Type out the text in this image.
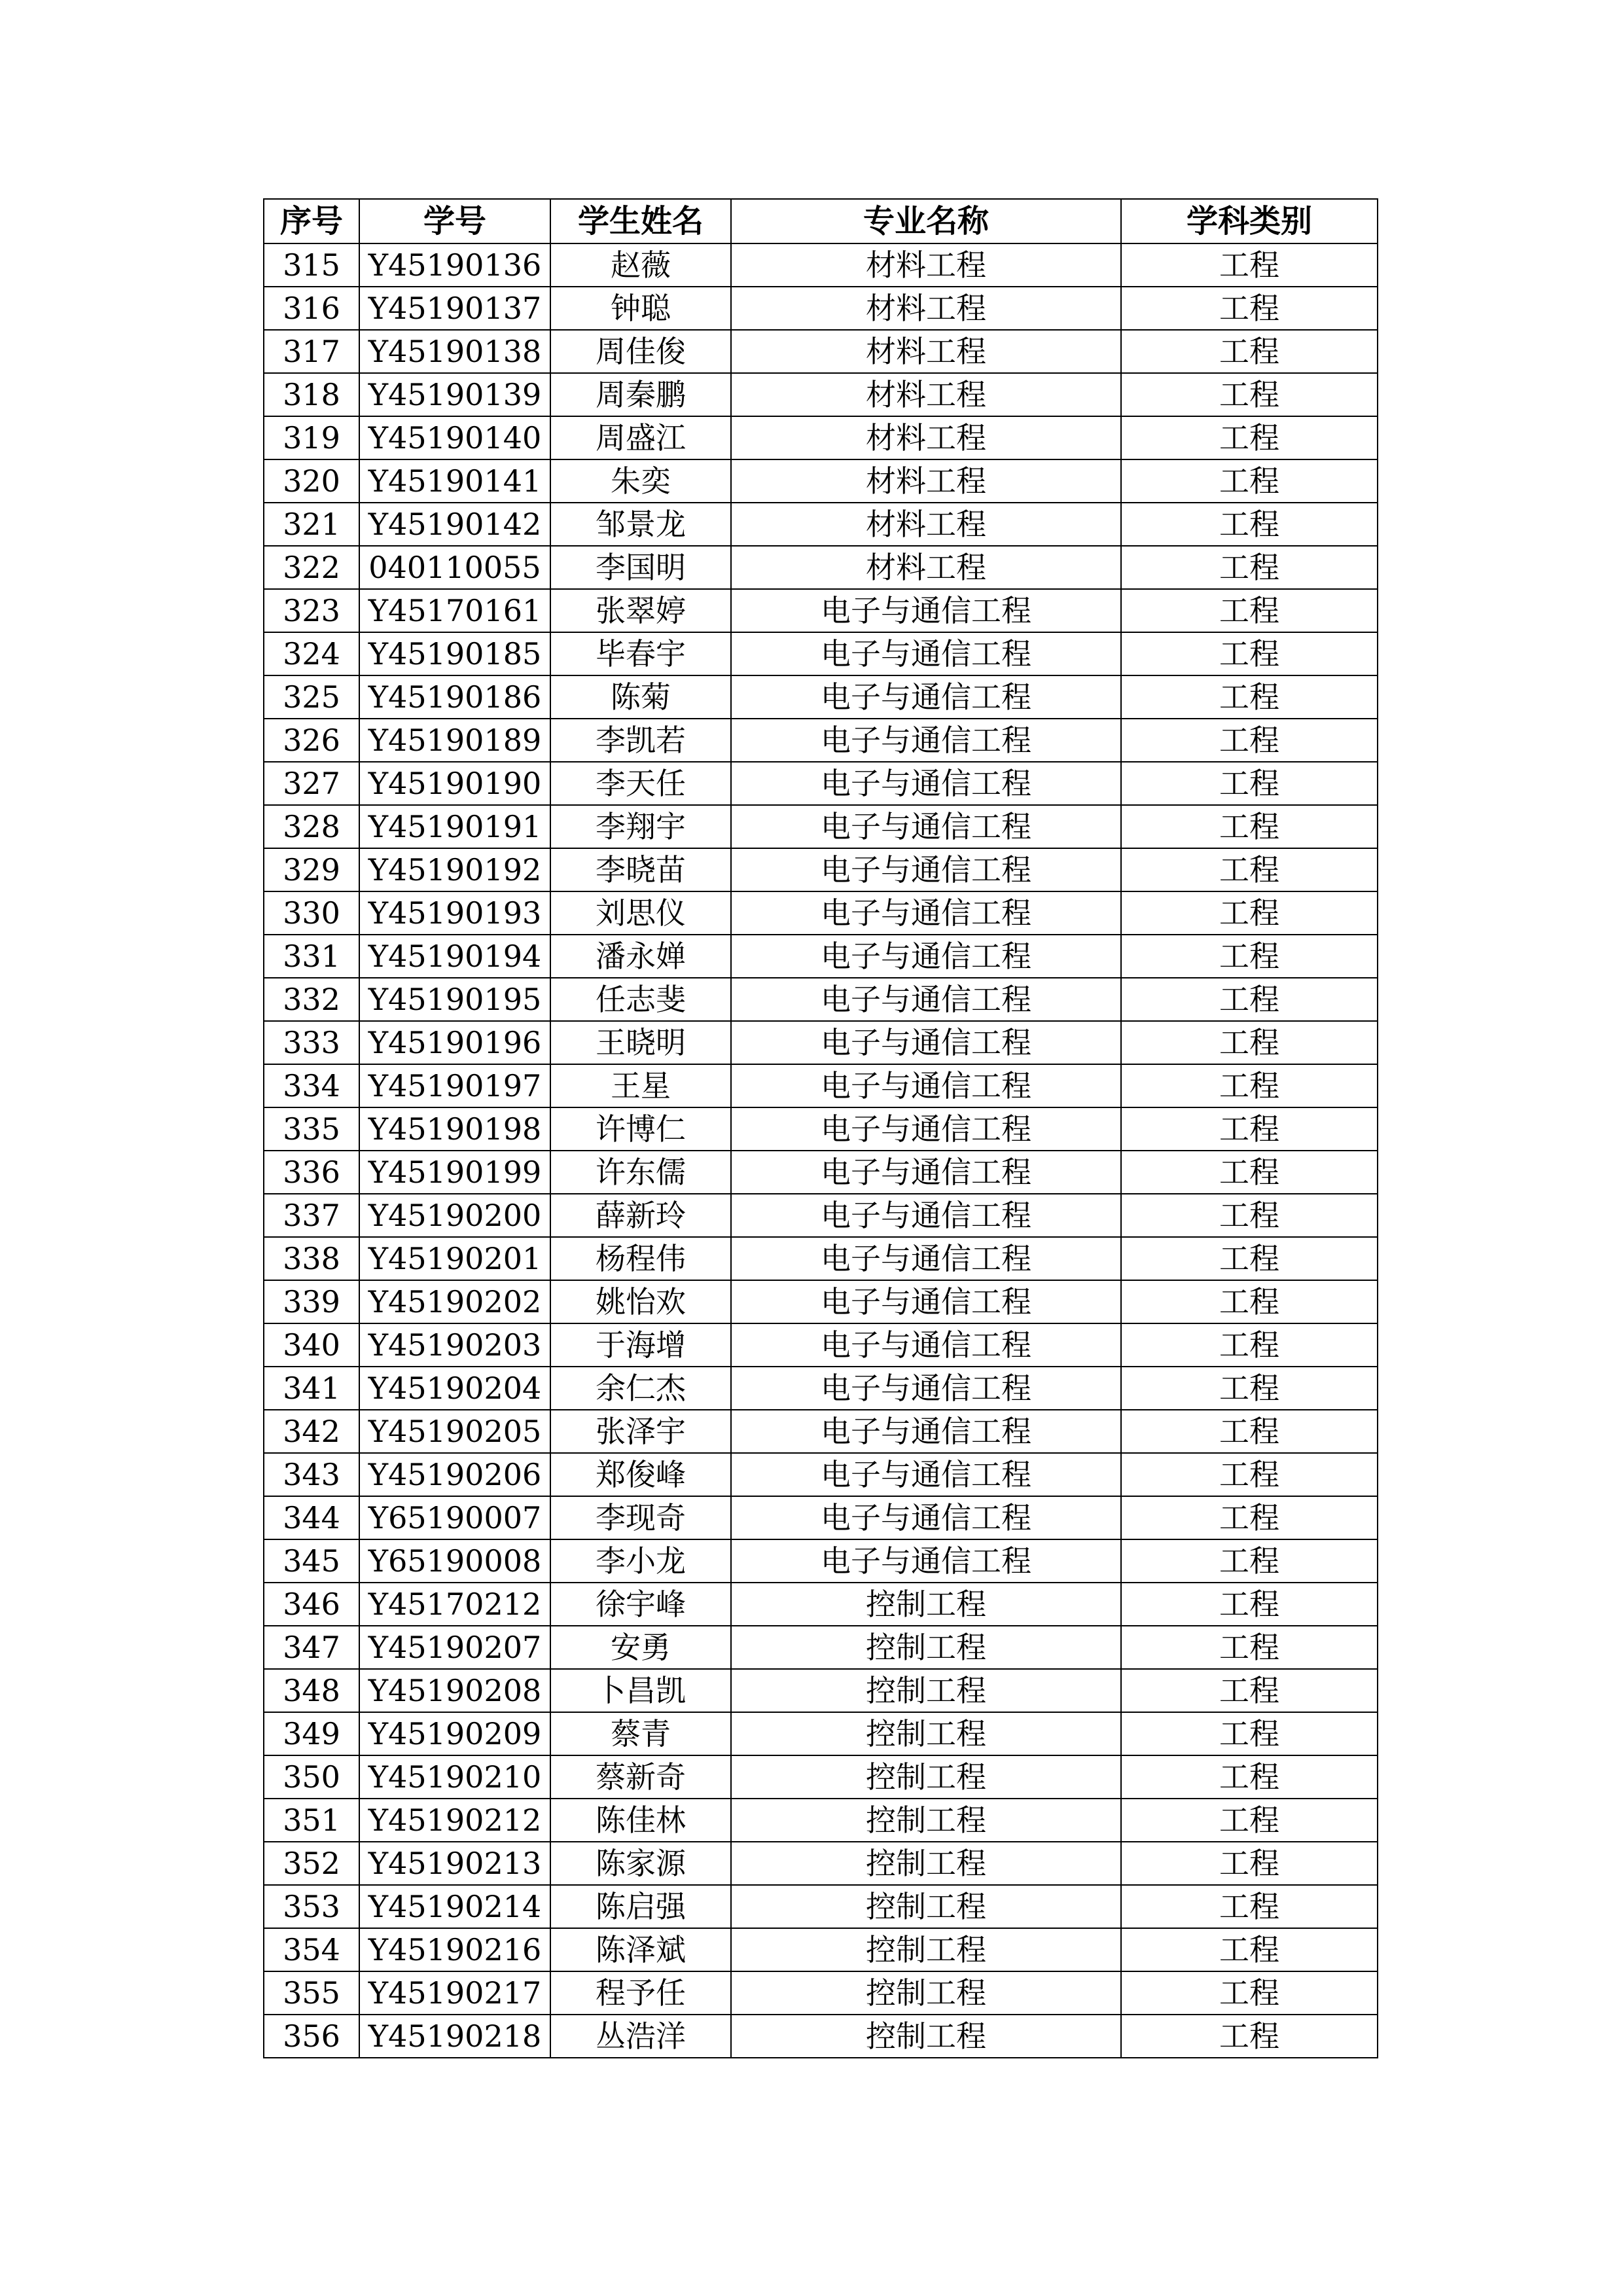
序号	学号	学生姓名	专业名称	学科类别
315	Y45190136	赵薇	材料工程	工程
316	Y45190137	钟聪	材料工程	工程
317	Y45190138	周佳俊	材料工程	工程
318	Y45190139	周秦鹏	材料工程	工程
319	Y45190140	周盛江	材料工程	工程
320	Y45190141	朱奕	材料工程	工程
321	Y45190142	邹景龙	材料工程	工程
322	040110055	李国明	材料工程	工程
323	Y45170161	张翠婷	电子与通信工程	工程
324	Y45190185	毕春宇	电子与通信工程	工程
325	Y45190186	陈菊	电子与通信工程	工程
326	Y45190189	李凯若	电子与通信工程	工程
327	Y45190190	李天任	电子与通信工程	工程
328	Y45190191	李翔宇	电子与通信工程	工程
329	Y45190192	李晓苗	电子与通信工程	工程
330	Y45190193	刘思仪	电子与通信工程	工程
331	Y45190194	潘永婵	电子与通信工程	工程
332	Y45190195	任志斐	电子与通信工程	工程
333	Y45190196	王晓明	电子与通信工程	工程
334	Y45190197	王星	电子与通信工程	工程
335	Y45190198	许博仁	电子与通信工程	工程
336	Y45190199	许东儒	电子与通信工程	工程
337	Y45190200	薛新玲	电子与通信工程	工程
338	Y45190201	杨程伟	电子与通信工程	工程
339	Y45190202	姚怡欢	电子与通信工程	工程
340	Y45190203	于海增	电子与通信工程	工程
341	Y45190204	余仁杰	电子与通信工程	工程
342	Y45190205	张泽宇	电子与通信工程	工程
343	Y45190206	郑俊峰	电子与通信工程	工程
344	Y65190007	李现奇	电子与通信工程	工程
345	Y65190008	李小龙	电子与通信工程	工程
346	Y45170212	徐宇峰	控制工程	工程
347	Y45190207	安勇	控制工程	工程
348	Y45190208	卜昌凯	控制工程	工程
349	Y45190209	蔡青	控制工程	工程
350	Y45190210	蔡新奇	控制工程	工程
351	Y45190212	陈佳林	控制工程	工程
352	Y45190213	陈家源	控制工程	工程
353	Y45190214	陈启强	控制工程	工程
354	Y45190216	陈泽斌	控制工程	工程
355	Y45190217	程予任	控制工程	工程
356	Y45190218	丛浩洋	控制工程	工程
